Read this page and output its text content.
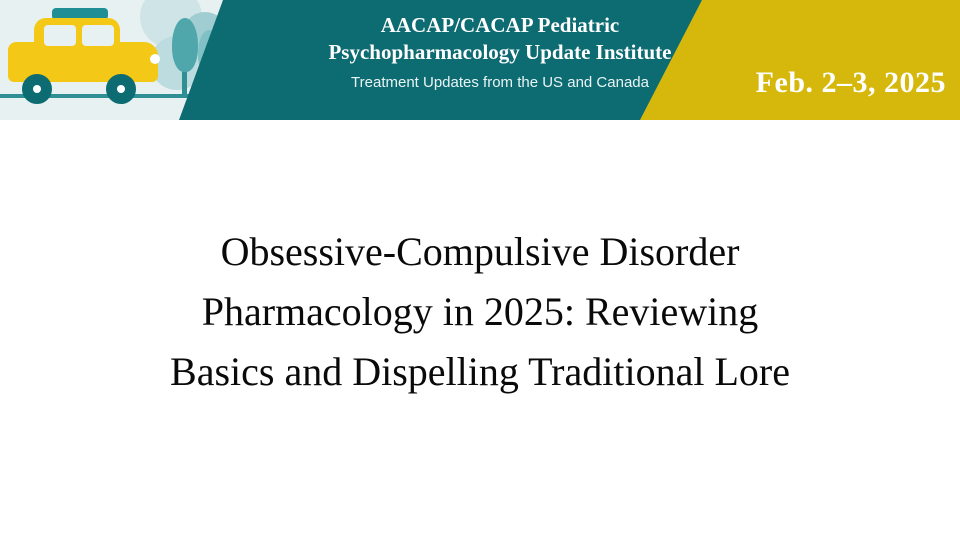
Feb. 2–3, 2025
AACAP/CACAP Pediatric
Psychopharmacology Update Institute
Treatment Updates from the US and Canada
Obsessive-Compulsive Disorder
Pharmacology in 2025: Reviewing
Basics and Dispelling Traditional Lore
